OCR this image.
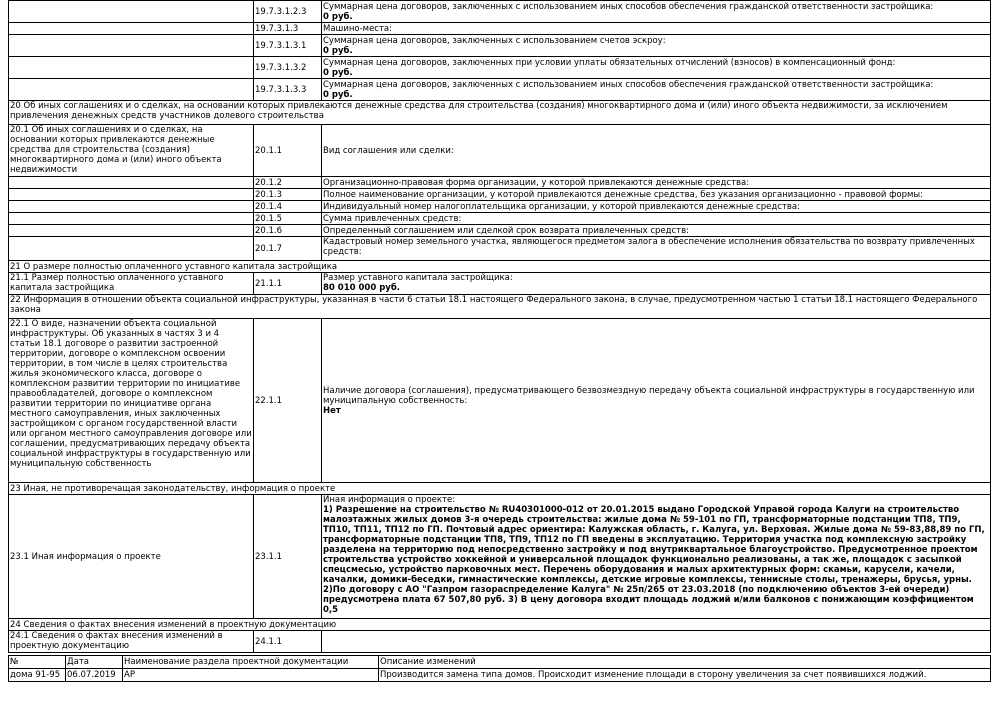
	19.7.3.1.2.3	Суммарная цена договоров, заключенных с использованием иных способов обеспечения гражданской ответственности застройщика:
0 руб.
	19.7.3.1.3	Машино-места:

	19.7.3.1.3.1	Суммарная цена договоров, заключенных с использованием счетов эскроу:
0 руб.
	19.7.3.1.3.2	Суммарная цена договоров, заключенных при условии уплаты обязательных отчислений (взносов) в компенсационный фонд:
0 руб.
	19.7.3.1.3.3	Суммарная цена договоров, заключенных с использованием иных способов обеспечения гражданской ответственности застройщика:
0 руб.
20 Об иных соглашениях и о сделках, на основании которых привлекаются денежные средства для строительства (создания) многоквартирного дома и (или) иного объекта недвижимости, за исключением привлечения денежных средств участников долевого строительства		
20.1 Об иных соглашениях и о сделках, на основании которых привлекаются денежные средства для строительства (создания) многоквартирного дома и (или) иного объекта недвижимости	20.1.1	Вид соглашения или сделки:
	20.1.2	Организационно-правовая форма организации, у которой привлекаются денежные средства:
	20.1.3	Полное наименование организации, у которой привлекаются денежные средства, без указания организационно - правовой формы:
	20.1.4	Индивидуальный номер налогоплательщика организации, у которой привлекаются денежные средства:
	20.1.5	Сумма привлеченных средств:
	20.1.6	Определенный соглашением или сделкой срок возврата привлеченных средств:
	20.1.7	Кадастровый номер земельного участка, являющегося предметом залога в обеспечение исполнения обязательства по возврату привлеченных средств:
21 О размере полностью оплаченного уставного капитала застройщика		
21.1 Размер полностью оплаченного уставного капитала застройщика	21.1.1	Размер уставного капитала застройщика:
80 010 000 руб.
22 Информация в отношении объекта социальной инфраструктуры, указанная в части 6 статьи 18.1 настоящего Федерального закона, в случае, предусмотренном частью 1 статьи 18.1 настоящего Федерального закона		
22.1 О виде, назначении объекта социальной инфраструктуры. Об указанных в частях 3 и 4 статьи 18.1 договоре о развитии застроенной территории, договоре о комплексном освоении территории, в том числе в целях строительства жилья экономического класса, договоре о комплексном развитии территории по инициативе правообладателей, договоре о комплексном развитии территории по инициативе органа местного самоуправления, иных заключенных застройщиком с органом государственной власти или органом местного самоуправления договоре или соглашении, предусматривающих передачу объекта социальной инфраструктуры в государственную или муниципальную собственность	22.1.1	Наличие договора (соглашения), предусматривающего безвозмездную передачу объекта социальной инфраструктуры в государственную или муниципальную собственность:
Нет
23 Иная, не противоречащая законодательству, информация о проекте		
23.1 Иная информация о проекте	23.1.1	Иная информация о проекте:
1) Разрешение на строительство № RU40301000-012 от 20.01.2015 выдано Городской Управой города Калуги на строительство малоэтажных жилых домов 3-я очередь строительства: жилые дома № 59-101 по ГП, трансформаторные подстанции ТП8, ТП9, ТП10, ТП11, ТП12 по ГП. Почтовый адрес ориентира: Калужская область, г. Калуга, ул. Верховая. Жилые дома № 59-83,88,89 по ГП, трансформаторные подстанции ТП8, ТП9, ТП12 по ГП введены в эксплуатацию. Территория участка под комплексную застройку разделена на территорию под непосредственно застройку и под внутриквартальное благоустройство. Предусмотренное проектом строительства устройство хоккейной и универсальной площадок функционально реализованы, а так же, площадок с засыпкой спецсмесью, устройство парковочных мест. Перечень оборудования и малых архитектурных форм: скамьи, карусели, качели, качалки, домики-беседки, гимнастические комплексы, детские игровые комплексы, теннисные столы, тренажеры, брусья, урны. 2)По договору с АО "Газпром газораспределение Калуга" № 25п/265 от 23.03.2018 (по подключению объектов 3-ей очереди) предусмотрена плата 67 507,80 руб. 3) В цену договора входит площадь лоджий и/или балконов с понижающим коэффициентом 0,5
24 Сведения о фактах внесения изменений в проектную документацию		
24.1 Сведения о фактах внесения изменений в проектную документацию	24.1.1	
№	Дата	Наименование раздела проектной документации	Описание изменений
дома 91-95	06.07.2019	АР	Производится замена типа домов. Происходит изменение площади в сторону увеличения за счет появившихся лоджий.
